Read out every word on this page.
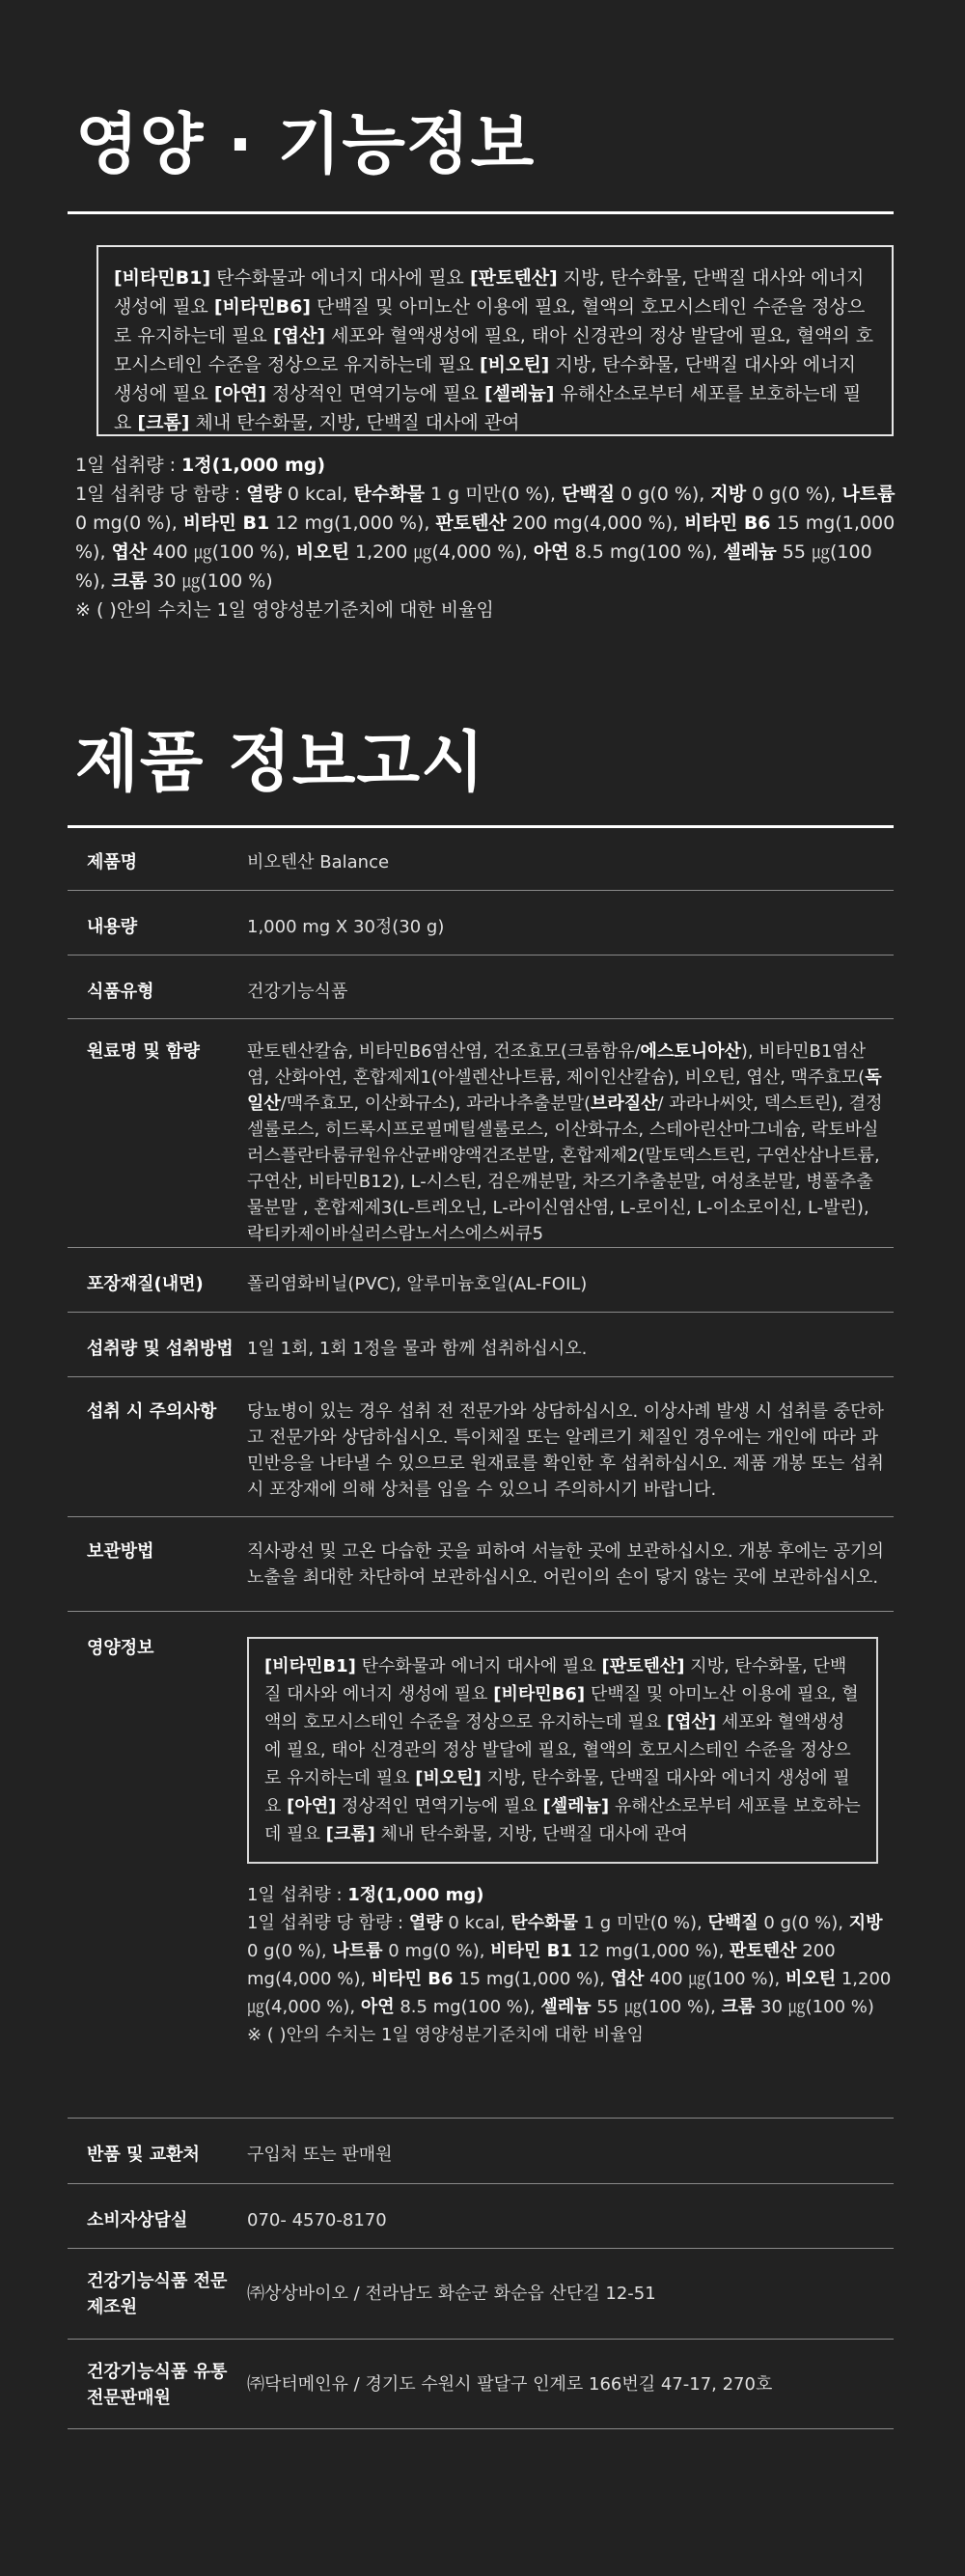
영양 · 기능정보
[비타민B1] 탄수화물과 에너지 대사에 필요 [판토텐산] 지방, 탄수화물, 단백질 대사와 에너지 생성에 필요 [비타민B6] 단백질 및 아미노산 이용에 필요, 혈액의 호모시스테인 수준을 정상으로 유지하는데 필요 [엽산] 세포와 혈액생성에 필요, 태아 신경관의 정상 발달에 필요, 혈액의 호모시스테인 수준을 정상으로 유지하는데 필요 [비오틴] 지방, 탄수화물, 단백질 대사와 에너지 생성에 필요 [아연] 정상적인 면역기능에 필요 [셀레늄] 유해산소로부터 세포를 보호하는데 필요 [크롬] 체내 탄수화물, 지방, 단백질 대사에 관여
1일 섭취량 : 1정(1,000 mg)
1일 섭취량 당 함량 : 열량 0 kcal, 탄수화물 1 g 미만(0 %), 단백질 0 g(0 %), 지방 0 g(0 %), 나트륨 0 mg(0 %), 비타민 B1 12 mg(1,000 %), 판토텐산 200 mg(4,000 %), 비타민 B6 15 mg(1,000 %), 엽산 400 ㎍(100 %), 비오틴 1,200 ㎍(4,000 %), 아연 8.5 mg(100 %), 셀레늄 55 ㎍(100 %), 크롬 30 ㎍(100 %)
※ ( )안의 수치는 1일 영양성분기준치에 대한 비율임
제품 정보고시
제품명	비오텐산 Balance
내용량	1,000 mg X 30정(30 g)
식품유형	건강기능식품
원료명 및 함량	판토텐산칼슘, 비타민B6염산염, 건조효모(크롬함유/에스토니아산), 비타민B1염산염, 산화아연, 혼합제제1(아셀렌산나트륨, 제이인산칼슘), 비오틴, 엽산, 맥주효모(독일산/맥주효모, 이산화규소), 과라나추출분말(브라질산/ 과라나씨앗, 덱스트린), 결정셀룰로스, 히드록시프로필메틸셀룰로스, 이산화규소, 스테아린산마그네슘, 락토바실러스플란타룸큐원유산균배양액건조분말, 혼합제제2(말토덱스트린, 구연산삼나트륨, 구연산, 비타민B12), L-시스틴, 검은깨분말, 차즈기추출분말, 여성초분말, 병풀추출물분말 , 혼합제제3(L-트레오닌, L-라이신염산염, L-로이신, L-이소로이신, L-발린), 락티카제이바실러스람노서스에스씨큐5
포장재질(내면)	폴리염화비닐(PVC), 알루미늄호일(AL-FOIL)
섭취량 및 섭취방법	1일 1회, 1회 1정을 물과 함께 섭취하십시오.
섭취 시 주의사항	당뇨병이 있는 경우 섭취 전 전문가와 상담하십시오. 이상사례 발생 시 섭취를 중단하고 전문가와 상담하십시오. 특이체질 또는 알레르기 체질인 경우에는 개인에 따라 과민반응을 나타낼 수 있으므로 원재료를 확인한 후 섭취하십시오. 제품 개봉 또는 섭취 시 포장재에 의해 상처를 입을 수 있으니 주의하시기 바랍니다.
보관방법	직사광선 및 고온 다습한 곳을 피하여 서늘한 곳에 보관하십시오. 개봉 후에는 공기의 노출을 최대한 차단하여 보관하십시오. 어린이의 손이 닿지 않는 곳에 보관하십시오.
영양정보	[비타민B1] 탄수화물과 에너지 대사에 필요 [판토텐산] 지방, 탄수화물, 단백질 대사와 에너지 생성에 필요 [비타민B6] 단백질 및 아미노산 이용에 필요, 혈액의 호모시스테인 수준을 정상으로 유지하는데 필요 [엽산] 세포와 혈액생성에 필요, 태아 신경관의 정상 발달에 필요, 혈액의 호모시스테인 수준을 정상으로 유지하는데 필요 [비오틴] 지방, 탄수화물, 단백질 대사와 에너지 생성에 필요 [아연] 정상적인 면역기능에 필요 [셀레늄] 유해산소로부터 세포를 보호하는데 필요 [크롬] 체내 탄수화물, 지방, 단백질 대사에 관여
1일 섭취량 : 1정(1,000 mg)
1일 섭취량 당 함량 : 열량 0 kcal, 탄수화물 1 g 미만(0 %), 단백질 0 g(0 %), 지방 0 g(0 %), 나트륨 0 mg(0 %), 비타민 B1 12 mg(1,000 %), 판토텐산 200 mg(4,000 %), 비타민 B6 15 mg(1,000 %), 엽산 400 ㎍(100 %), 비오틴 1,200 ㎍(4,000 %), 아연 8.5 mg(100 %), 셀레늄 55 ㎍(100 %), 크롬 30 ㎍(100 %)
※ ( )안의 수치는 1일 영양성분기준치에 대한 비율임

반품 및 교환처	구입처 또는 판매원
소비자상담실	070- 4570-8170
건강기능식품 전문제조원	㈜상상바이오 / 전라남도 화순군 화순읍 산단길 12-51
건강기능식품 유통전문판매원	㈜닥터메인유 / 경기도 수원시 팔달구 인계로 166번길 47-17, 270호
